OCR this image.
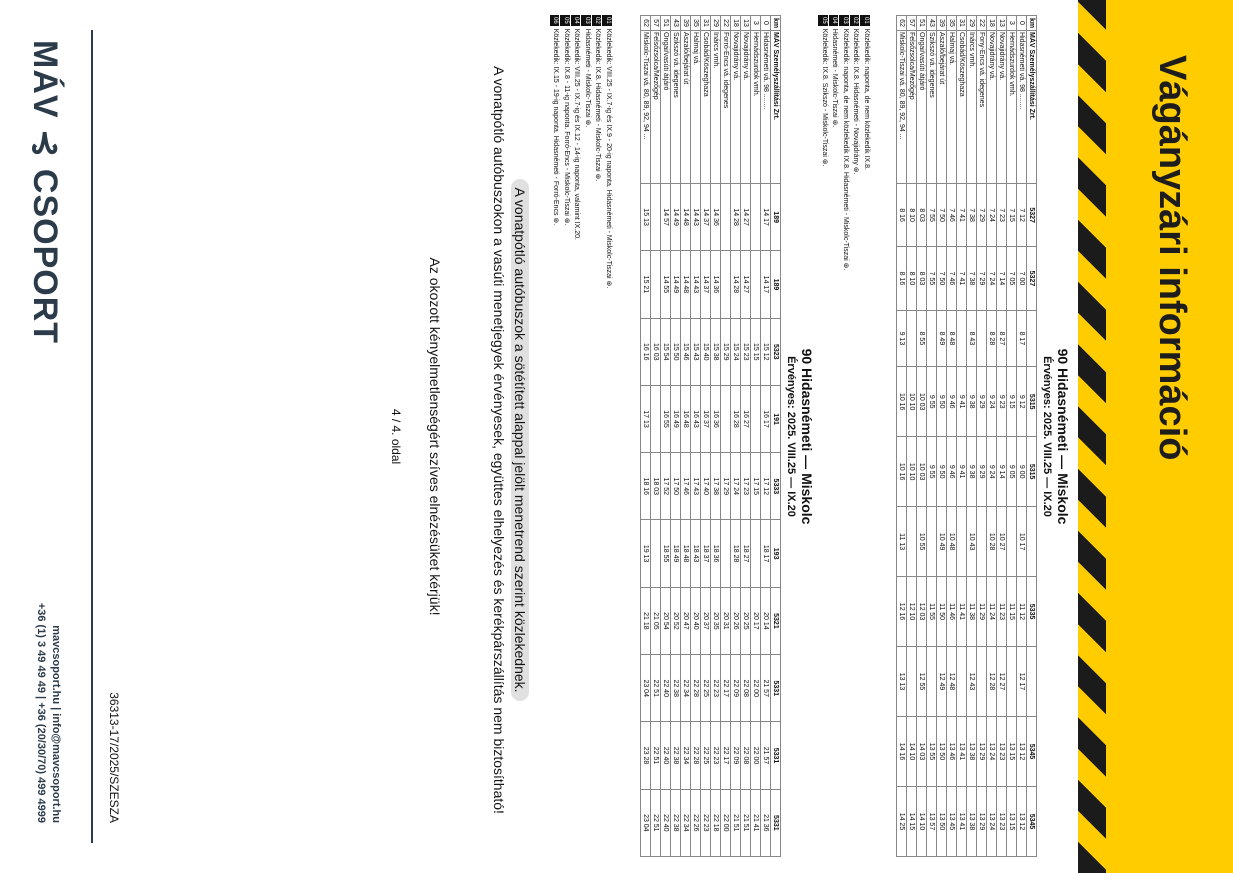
Vágányzári információ
90 Hidasnémeti — Miskolc
Érvényes: 2025. VIII.25 — IX.20
km	MÁV Személyszállítási Zrt.	5327	5327		5315	5315		5335		5345	5345
0	Hidasnémeti vá. 98 ........	7 12	7 00	8 17	9 12	9 00	10 17	11 12	12 17	13 12	13 12
3	Hernádszurdok vmh.	7 15	7 05		9 15	9 05		11 15		13 15	13 15
13	Novajidrány vá.	7 23	7 14	8 27	9 23	9 14	10 27	11 23	12 27	13 23	13 23
18	Novajidrány vá.	7 24	7 24	8 28	9 24	9 24	10 28	11 24	12 28	13 24	13 24
22	Fony-Encs vá. idegenes	7 29	7 29		9 29	9 29		11 29		13 29	13 29
29	Inárcs vmh.	7 38	7 38	8 43	9 38	9 38	10 43	11 38	12 43	13 38	13 38
31	Csobád/Köszeghaza	7 41	7 41		9 41	9 41		11 41		13 41	13 41
35	Halmaj vá.	7 46	7 46	8 48	9 46	9 46	10 48	11 46	12 48	13 46	13 45
39	Aszaló/bejárat út	7 50	7 50	8 49	9 50	9 50	10 49	11 50	12 49	13 50	13 50
43	Szikszó vá. idegenes	7 55	7 55		9 55	9 55		11 55		13 55	13 57
51	Ongai/vasúti átjáró	8 03	8 03	8 55	10 03	10 03	10 55	12 03	12 55	14 03	14 10
57	Felsőzsolca/Mezőgép	8 10	8 10		10 10	10 10		12 10		14 10	14 15
62	Miskolc-Tiszai vá. 80, 89, 92, 94 ...	8 16	8 16	9 13	10 16	10 16	11 13	12 16	13 13	14 16	14 25
01Közlekedik: naponta, de nem közlekedik IX.8.
02Közlekedik: IX.8. Hidasnémeti - Novajidrány ⊛.
03Közlekedik: naponta, de nem közlekedik IX.8. Hidasnémeti - Miskolc-Tiszai ⊛.
04Hidasnémeti - Miskolc-Tiszai ⊛.
05Közlekedik: IX.8. Szikszó - Miskolc-Tiszai ⊛.
90 Hidasnémeti — Miskolc
Érvényes: 2025. VIII.25 — IX.20
km	MÁV Személyszállítási Zrt.	189	189	5323	191	5333	193	5321	5331	5331	5331
0	Hidasnémeti vá. 98 ........	14 17	14 17	15 12	16 17	17 12	18 17	20 14	21 57	21 57	21 36
3	Hernádszurdok vmh.			15 15		17 15		20 17	22 00	22 00	21 41
13	Novajidrány vá.	14 27	14 27	15 23	16 27	17 23	18 27	20 25	22 08	22 08	21 51
18	Novajidrány vá.	14 28	14 28	15 24	16 28	17 24	18 28	20 26	22 09	22 09	21 51
22	Forró-Encs vá. idegenes			15 29		17 29		20 31	22 17	22 17	22 00
29	Inárcs vmh.	14 36	14 36	15 38	16 36	17 38	18 36	20 35	22 23	22 23	22 18
31	Csobád/Köszeghaza	14 37	14 37	15 40	16 37	17 40	18 37	20 37	22 25	22 25	22 23
35	Halmaj vá.	14 43	14 43	15 43	16 43	17 43	18 43	20 40	22 28	22 28	22 26
39	Aszaló/bejárat út	14 48	14 48	15 46	16 48	17 46	18 48	20 47	22 34	22 34	22 34
43	Szikszó vá. idegenes	14 49	14 49	15 50	16 49	17 50	18 49	20 52	22 38	22 38	22 38
51	Ongai/vasúti átjáró	14 57	14 55	15 54	16 55	17 52	18 55	20 54	22 40	22 40	22 40
57	Felsőzsolca/Mezőgép			16 03		18 03		21 05	22 51	22 51	22 51
62	Miskolc-Tiszai vá. 80, 89, 92, 94 ...	15 13	15 21	16 16	17 13	18 16	19 13	21 18	23 04	23 28	23 04
01Közlekedik: VIII.25 - IX.7-ig és IX.9 - 20-ig naponta. Hidasnémeti - Miskolc-Tiszai ⊛.
02Közlekedik: IX.8. Hidasnémeti - Miskolc-Tiszai ⊛.
03Hidasnémeti - Miskolc-Tiszai ⊛.
04Közlekedik: VIII.25 - IX.7-ig és IX.12 - 14-ig naponta, valamint IX.20.
05Közlekedik: IX.8 - 11-ig naponta. Forró-Encs - Miskolc-Tiszai ⊛.
06Közlekedik: IX.15 - 19-ig naponta. Hidasnémeti - Forró-Encs ⊛.

A vonatpótló autóbuszok a sötétített alappal jelölt menetrend szerint közlekednek.

A vonatpótló autóbuszokon a vasúti menetjegyek érvényesek, együttes elhelyezés és kerékpárszállítás nem biztosítható!

Az okozott kényelmetlenségért szíves elnézésüket kérjük!
4 / 4. oldal
36313-17/2025/SZESZA
MÁV ⊰ CSOPORT
mavcsoport.hu | info@mavcsoport.hu
+36 (1) 3 49 49 49 | +36 (20/30/70) 499 4999
